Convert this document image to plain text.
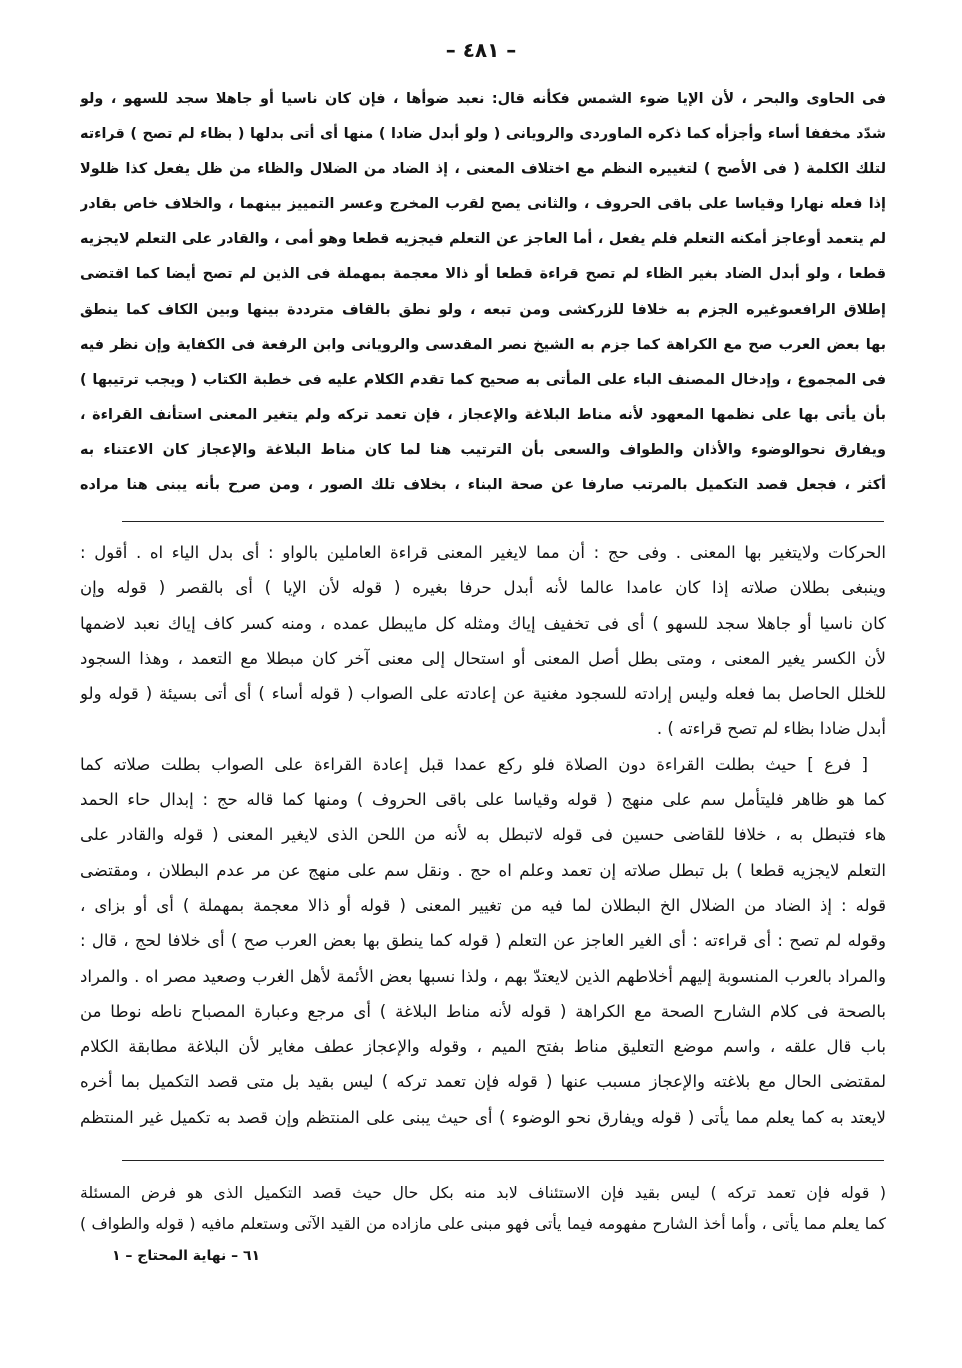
– ٤٨١ –
فى الحاوى والبحر ، لأن الإيا ضوء الشمس فكأنه قال: نعبد ضوأها ، فإن كان ناسيا أو جاهلا سجد للسهو ، ولو
شدّد مخففا أساء وأجزأه كما ذكره الماوردى والرويانى ( ولو أبدل ضادا ) منها أى أتى بدلها ( بظاء لم تصح ) قراءته
لتلك الكلمة ( فى الأصح ) لتغييره النظم مع اختلاف المعنى ، إذ الضاد من الضلال والظاء من ظل يفعل كذا ظلولا
إذا فعله نهارا وقياسا على باقى الحروف ، والثانى يصح لقرب المخرج وعسر التمييز بينهما ، والخلاف خاص بقادر
لم يتعمد أوعاجز أمكنه التعلم فلم يفعل ، أما العاجز عن التعلم فيجزيه قطعا وهو أمى ، والقادر على التعلم لايجزيه
قطعا ، ولو أبدل الضاد بغير الظاء لم تصح قراءة قطعا أو ذالا معجمة بمهملة فى الذين لم تصح أيضا كما اقتضى
إطلاق الرافعىوغيره الجزم به خلافا للزركشى ومن تبعه ، ولو نطق بالقاف مترددة بينها وبين الكاف كما ينطق
بها بعض العرب صح مع الكراهة كما جزم به الشيخ نصر المقدسى والرويانى وابن الرفعة فى الكفاية وإن نظر فيه
فى المجموع ، وإدخال المصنف الباء على المأتى به صحيح كما تقدم الكلام عليه فى خطبة الكتاب ( ويجب ترتيبها )
بأن يأتى بها على نظمها المعهود لأنه مناط البلاغة والإعجاز ، فإن تعمد تركه ولم يتغير المعنى استأنف القراءة ،
ويفارق نحوالوضوء والأذان والطواف والسعى بأن الترتيب هنا لما كان مناط البلاغة والإعجاز كان الاعتناء به
أكثر ، فجعل قصد التكميل بالمرتب صارفا عن صحة البناء ، بخلاف تلك الصور ، ومن صرح بأنه يبنى هنا مراده
الحركات ولايتغير بها المعنى . وفى حج : أن مما لايغير المعنى قراءة العاملين بالواو : أى بدل الياء اه . أقول :
وينبغى بطلان صلاته إذا كان عامدا عالما لأنه أبدل حرفا بغيره ( قوله لأن الإيا ) أى بالقصر ( قوله وإن
كان ناسيا أو جاهلا سجد للسهو ) أى فى تخفيف إياك ومثله كل مايبطل عمده ، ومنه كسر كاف إياك نعبد لاضمها
لأن الكسر يغير المعنى ، ومتى بطل أصل المعنى أو استحال إلى معنى آخر كان مبطلا مع التعمد ، وهذا السجود
للخلل الحاصل بما فعله وليس إرادته للسجود مغنية عن إعادته على الصواب ( قوله أساء ) أى أتى بسيئة ( قوله ولو
أبدل ضادا بظاء لم تصح قراءته ) .
[ فرع ] حيث بطلت القراءة دون الصلاة فلو ركع عمدا قبل إعادة القراءة على الصواب بطلت صلاته كما
كما هو ظاهر فليتأمل سم على منهج ( قوله وقياسا على باقى الحروف ) ومنها كما قاله حج : إبدال حاء الحمد
هاء فتبطل به ، خلافا للقاضى حسين فى قوله لاتبطل به لأنه من اللحن الذى لايغير المعنى ( قوله والقادر على
التعلم لايجزيه قطعا ) بل تبطل صلاته إن تعمد وعلم اه حج . ونقل سم على منهج عن مر عدم البطلان ، ومقتضى
قوله : إذ الضاد من الضلال الخ البطلان لما فيه من تغيير المعنى ( قوله أو ذالا معجمة بمهملة ) أى أو بزاى ،
وقوله لم تصح : أى قراءته : أى الغير العاجز عن التعلم ( قوله كما ينطق بها بعض العرب صح ) أى خلافا لحج ، قال :
والمراد بالعرب المنسوبة إليهم أخلاطهم الذين لايعتدّ بهم ، ولذا نسبها بعض الأئمة لأهل الغرب وصعيد مصر اه . والمراد
بالصحة فى كلام الشارح الصحة مع الكراهة ( قوله لأنه مناط البلاغة ) أى مرجع وعبارة المصباح ناطه نوطا من
باب قال علقه ، واسم موضع التعليق مناط بفتح الميم ، وقوله والإعجاز عطف مغاير لأن البلاغة مطابقة الكلام
لمقتضى الحال مع بلاغته والإعجاز مسبب عنها ( قوله فإن تعمد تركه ) ليس بقيد بل متى قصد التكميل بما أخره
لايعتد به كما يعلم مما يأتى ( قوله ويفارق نحو الوضوء ) أى حيث يبنى على المنتظم وإن قصد به تكميل غير المنتظم
( قوله فإن تعمد تركه ) ليس بقيد فإن الاستئناف لابد منه بكل حال حيث قصد التكميل الذى هو فرض المسئلة
كما يعلم مما يأتى ، وأما أخذ الشارح مفهومه فيما يأتى فهو مبنى على مازاده من القيد الآتى وستعلم مافيه ( قوله والطواف )
٦١ – نهاية المحتاج – ١
